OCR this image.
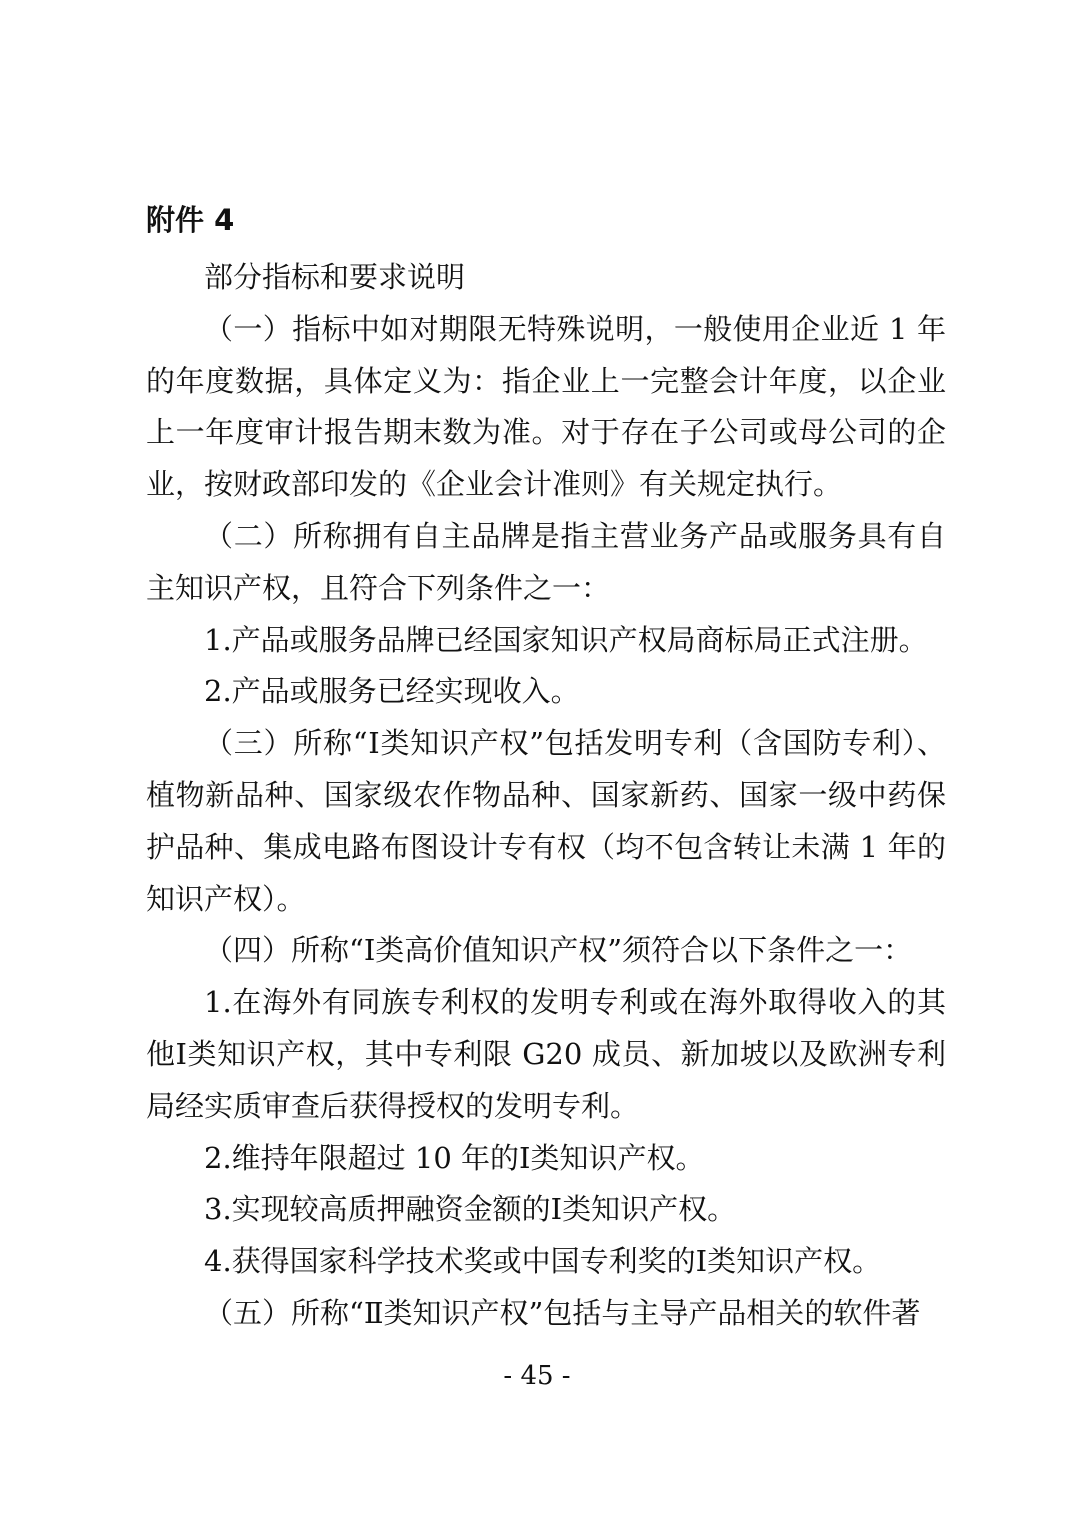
附件 4

部分指标和要求说明

（一）指标中如对期限无特殊说明，一般使用企业近 1 年的年度数据，具体定义为：指企业上一完整会计年度，以企业上一年度审计报告期末数为准。对于存在子公司或母公司的企业，按财政部印发的《企业会计准则》有关规定执行。

（二）所称拥有自主品牌是指主营业务产品或服务具有自主知识产权，且符合下列条件之一：

1.产品或服务品牌已经国家知识产权局商标局正式注册。

2.产品或服务已经实现收入。

（三）所称“Ⅰ类知识产权”包括发明专利（含国防专利）、植物新品种、国家级农作物品种、国家新药、国家一级中药保护品种、集成电路布图设计专有权（均不包含转让未满 1 年的知识产权）。

（四）所称“Ⅰ类高价值知识产权”须符合以下条件之一：

1.在海外有同族专利权的发明专利或在海外取得收入的其他Ⅰ类知识产权，其中专利限 G20 成员、新加坡以及欧洲专利局经实质审查后获得授权的发明专利。

2.维持年限超过 10 年的Ⅰ类知识产权。

3.实现较高质押融资金额的Ⅰ类知识产权。

4.获得国家科学技术奖或中国专利奖的Ⅰ类知识产权。

（五）所称“Ⅱ类知识产权”包括与主导产品相关的软件著

- 45 -
